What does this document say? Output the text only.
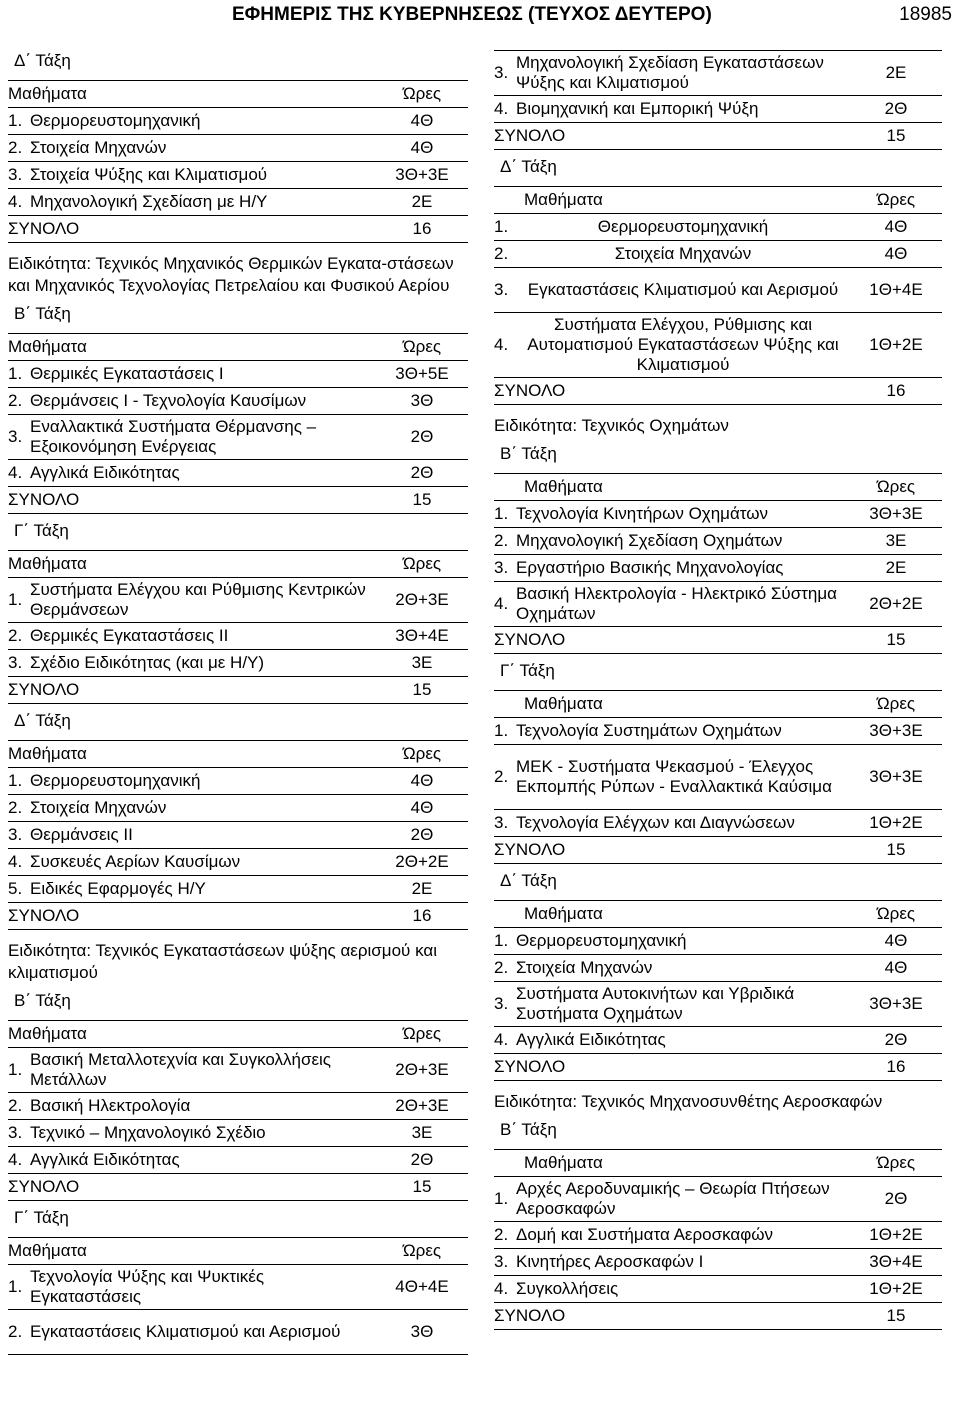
ΕΦΗΜΕΡΙΣ ΤΗΣ ΚΥΒΕΡΝΗΣΕΩΣ (ΤΕΥΧΟΣ ΔΕΥΤΕΡΟ)	18985
Δ΄ Τάξη
Μαθήματα		Ώρες
1.	Θερμορευστομηχανική	4Θ
2.	Στοιχεία Μηχανών	4Θ
3.	Στοιχεία Ψύξης και Κλιματισμού	3Θ+3Ε
4.	Μηχανολογική Σχεδίαση με Η/Υ	2Ε
ΣΥΝΟΛΟ		16
Ειδικότητα: Τεχνικός Μηχανικός Θερμικών Εγκατα-στάσεων και Μηχανικός Τεχνολογίας Πετρελαίου και Φυσικού Αερίου
Β΄ Τάξη
Μαθήματα		Ώρες
1.	Θερμικές Εγκαταστάσεις Ι	3Θ+5Ε
2.	Θερμάνσεις Ι - Τεχνολογία Καυσίμων	3Θ
3.	Εναλλακτικά Συστήματα Θέρμανσης – Εξοικονόμηση Ενέργειας	2Θ
4.	Αγγλικά Ειδικότητας	2Θ
ΣΥΝΟΛΟ		15
Γ΄ Τάξη
Μαθήματα		Ώρες
1.	Συστήματα Ελέγχου και Ρύθμισης Κεντρικών Θερμάνσεων	2Θ+3Ε
2.	Θερμικές Εγκαταστάσεις ΙΙ	3Θ+4Ε
3.	Σχέδιο Ειδικότητας (και με Η/Υ)	3Ε
ΣΥΝΟΛΟ		15
Δ΄ Τάξη
Μαθήματα		Ώρες
1.	Θερμορευστομηχανική	4Θ
2.	Στοιχεία Μηχανών	4Θ
3.	Θερμάνσεις ΙΙ	2Θ
4.	Συσκευές Αερίων Καυσίμων	2Θ+2Ε
5.	Ειδικές Εφαρμογές Η/Υ	2Ε
ΣΥΝΟΛΟ		16
Ειδικότητα: Τεχνικός Εγκαταστάσεων ψύξης αερισμού και κλιματισμού
Β΄ Τάξη
Μαθήματα		Ώρες
1.	Βασική Μεταλλοτεχνία και Συγκολλήσεις Μετάλλων	2Θ+3Ε
2.	Βασική Ηλεκτρολογία	2Θ+3Ε
3.	Τεχνικό – Μηχανολογικό Σχέδιο	3Ε
4.	Αγγλικά Ειδικότητας	2Θ
ΣΥΝΟΛΟ		15
Γ΄ Τάξη
Μαθήματα		Ώρες
1.	Τεχνολογία Ψύξης και Ψυκτικές Εγκαταστάσεις	4Θ+4Ε
2.	Εγκαταστάσεις Κλιματισμού και Αερισμού	3Θ
3.	Μηχανολογική Σχεδίαση Εγκαταστάσεων Ψύξης και Κλιματισμού	2Ε
4.	Βιομηχανική και Εμπορική Ψύξη	2Θ
ΣΥΝΟΛΟ		15
Δ΄ Τάξη
Μαθήματα		Ώρες
1.	Θερμορευστομηχανική	4Θ
2.	Στοιχεία Μηχανών	4Θ
3.	Εγκαταστάσεις Κλιματισμού και Αερισμού	1Θ+4Ε
4.	Συστήματα Ελέγχου, Ρύθμισης και Αυτοματισμού Εγκαταστάσεων Ψύξης και Κλιματισμού	1Θ+2Ε
ΣΥΝΟΛΟ		16
Ειδικότητα: Τεχνικός Οχημάτων
Β΄ Τάξη
Μαθήματα		Ώρες
1.	Τεχνολογία Κινητήρων Οχημάτων	3Θ+3Ε
2.	Μηχανολογική Σχεδίαση Οχημάτων	3Ε
3.	Εργαστήριο Βασικής Μηχανολογίας	2Ε
4.	Βασική Ηλεκτρολογία - Ηλεκτρικό Σύστημα Οχημάτων	2Θ+2Ε
ΣΥΝΟΛΟ		15
Γ΄ Τάξη
Μαθήματα		Ώρες
1.	Τεχνολογία Συστημάτων Οχημάτων	3Θ+3Ε
2.	ΜΕΚ - Συστήματα Ψεκασμού - Έλεγχος Εκπομπής Ρύπων - Εναλλακτικά Καύσιμα	3Θ+3Ε
3.	Τεχνολογία Ελέγχων και Διαγνώσεων	1Θ+2Ε
ΣΥΝΟΛΟ		15
Δ΄ Τάξη
Μαθήματα		Ώρες
1.	Θερμορευστομηχανική	4Θ
2.	Στοιχεία Μηχανών	4Θ
3.	Συστήματα Αυτοκινήτων και Υβριδικά Συστήματα Οχημάτων	3Θ+3Ε
4.	Αγγλικά Ειδικότητας	2Θ
ΣΥΝΟΛΟ		16
Ειδικότητα: Τεχνικός Μηχανοσυνθέτης Αεροσκαφών
Β΄ Τάξη
Μαθήματα		Ώρες
1.	Αρχές Αεροδυναμικής – Θεωρία Πτήσεων Αεροσκαφών	2Θ
2.	Δομή και Συστήματα Αεροσκαφών	1Θ+2Ε
3.	Κινητήρες Αεροσκαφών Ι	3Θ+4Ε
4.	Συγκολλήσεις	1Θ+2Ε
ΣΥΝΟΛΟ		15
